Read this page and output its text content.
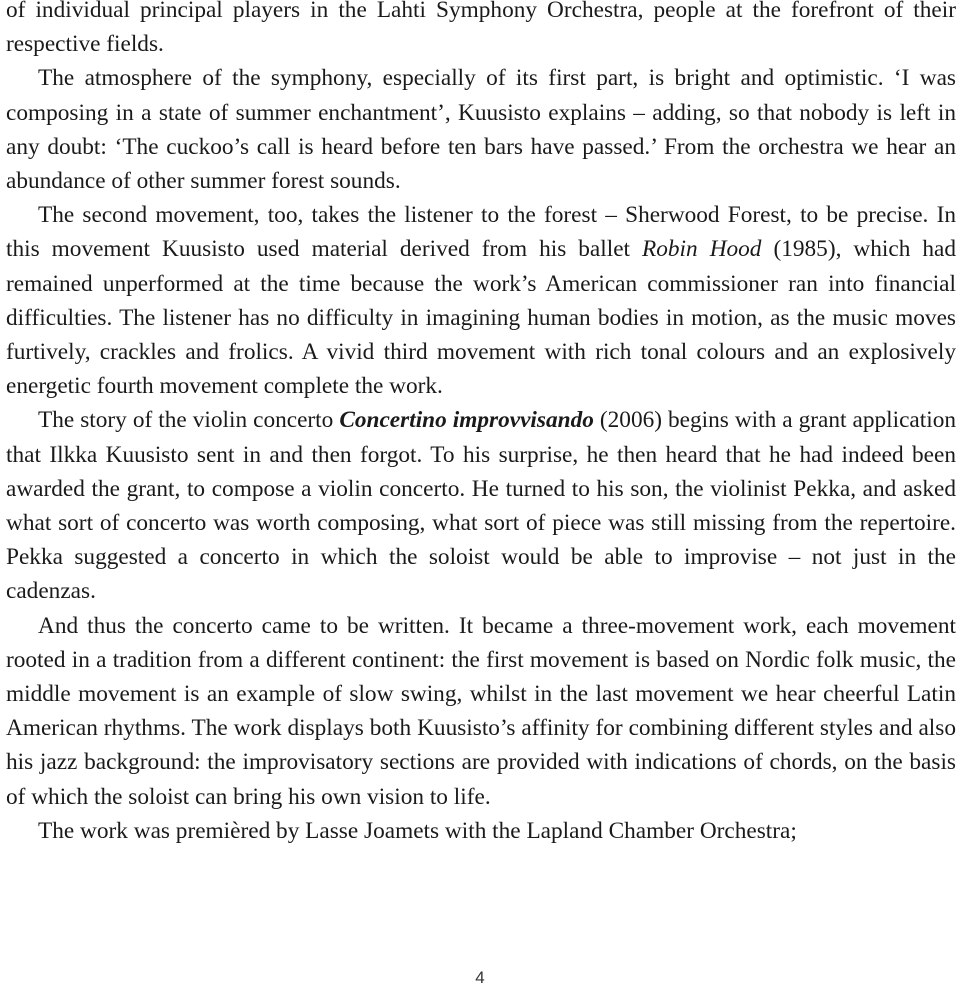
of individual principal players in the Lahti Symphony Orchestra, people at the forefront of their respective fields.

The atmosphere of the symphony, especially of its first part, is bright and optimistic. ‘I was composing in a state of summer enchantment’, Kuusisto explains – adding, so that nobody is left in any doubt: ‘The cuckoo’s call is heard before ten bars have passed.’ From the orchestra we hear an abundance of other summer forest sounds.

The second movement, too, takes the listener to the forest – Sherwood Forest, to be precise. In this movement Kuusisto used material derived from his ballet Robin Hood (1985), which had remained unperformed at the time because the work’s American commissioner ran into financial difficulties. The listener has no difficulty in imagining human bodies in motion, as the music moves furtively, crackles and frolics. A vivid third movement with rich tonal colours and an explosively energetic fourth movement complete the work.

The story of the violin concerto Concertino improvvisando (2006) begins with a grant application that Ilkka Kuusisto sent in and then forgot. To his surprise, he then heard that he had indeed been awarded the grant, to compose a violin concerto. He turned to his son, the violinist Pekka, and asked what sort of concerto was worth composing, what sort of piece was still missing from the repertoire. Pekka suggested a concerto in which the soloist would be able to improvise – not just in the cadenzas.

And thus the concerto came to be written. It became a three-movement work, each movement rooted in a tradition from a different continent: the first movement is based on Nordic folk music, the middle movement is an example of slow swing, whilst in the last movement we hear cheerful Latin American rhythms. The work displays both Kuusisto’s affinity for combining different styles and also his jazz background: the improvisatory sections are provided with indications of chords, on the basis of which the soloist can bring his own vision to life.

The work was premièred by Lasse Joamets with the Lapland Chamber Orchestra;

4
